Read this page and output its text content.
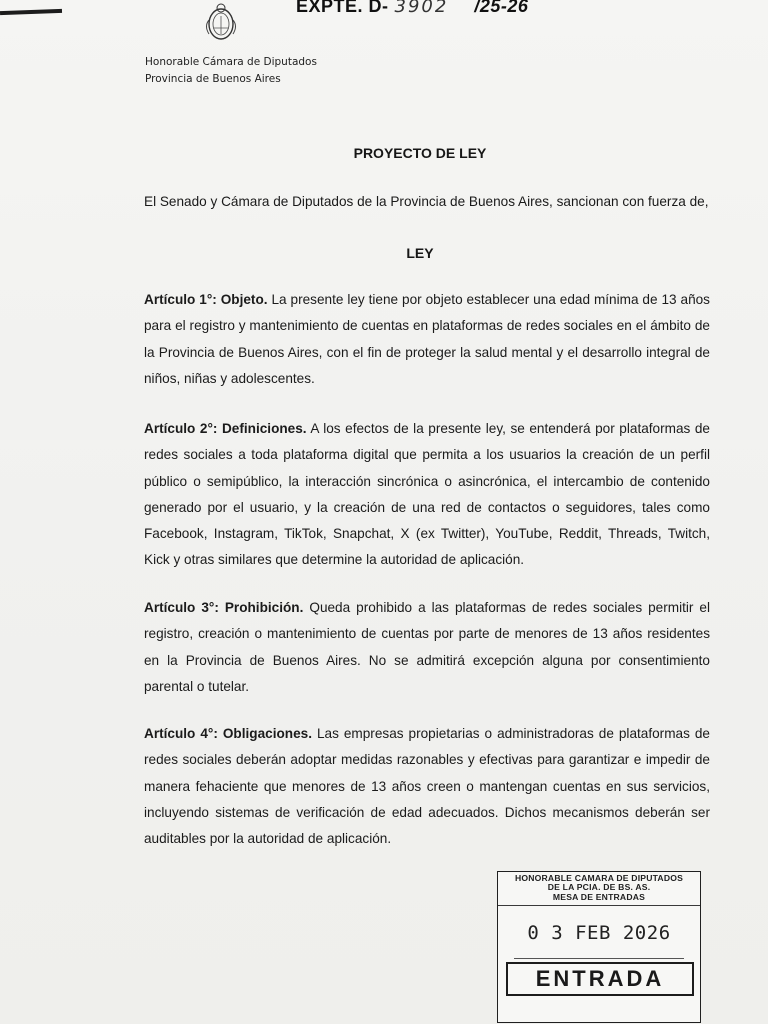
EXPTE. D- 3902 /25-26
Honorable Cámara de Diputados
Provincia de Buenos Aires
PROYECTO DE LEY
El Senado y Cámara de Diputados de la Provincia de Buenos Aires, sancionan con fuerza de,
LEY
Artículo 1°: Objeto. La presente ley tiene por objeto establecer una edad mínima de 13 años para el registro y mantenimiento de cuentas en plataformas de redes sociales en el ámbito de la Provincia de Buenos Aires, con el fin de proteger la salud mental y el desarrollo integral de niños, niñas y adolescentes.
Artículo 2°: Definiciones. A los efectos de la presente ley, se entenderá por plataformas de redes sociales a toda plataforma digital que permita a los usuarios la creación de un perfil público o semipúblico, la interacción sincrónica o asincrónica, el intercambio de contenido generado por el usuario, y la creación de una red de contactos o seguidores, tales como Facebook, Instagram, TikTok, Snapchat, X (ex Twitter), YouTube, Reddit, Threads, Twitch, Kick y otras similares que determine la autoridad de aplicación.
Artículo 3°: Prohibición. Queda prohibido a las plataformas de redes sociales permitir el registro, creación o mantenimiento de cuentas por parte de menores de 13 años residentes en la Provincia de Buenos Aires. No se admitirá excepción alguna por consentimiento parental o tutelar.
Artículo 4°: Obligaciones. Las empresas propietarias o administradoras de plataformas de redes sociales deberán adoptar medidas razonables y efectivas para garantizar e impedir de manera fehaciente que menores de 13 años creen o mantengan cuentas en sus servicios, incluyendo sistemas de verificación de edad adecuados. Dichos mecanismos deberán ser auditables por la autoridad de aplicación.
HONORABLE CAMARA DE DIPUTADOS
DE LA PCIA. DE BS. AS.
MESA DE ENTRADAS
0 3 FEB 2026
ENTRADA
